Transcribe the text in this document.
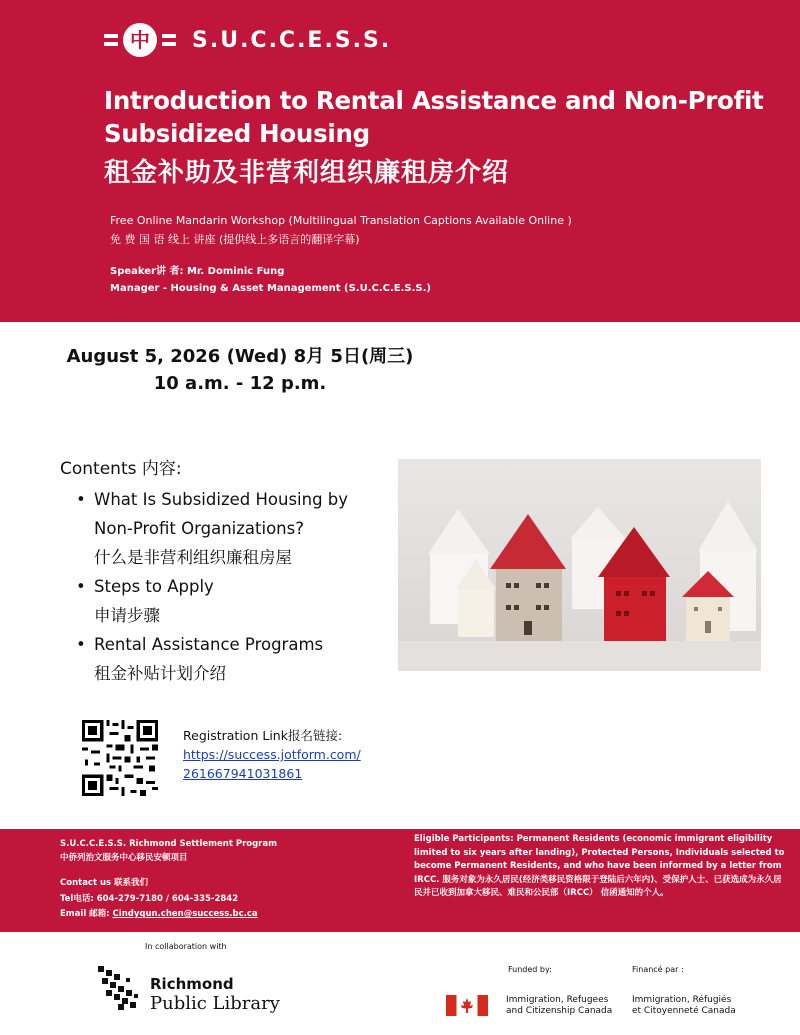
中 S.U.C.C.E.S.S.
Introduction to Rental Assistance and Non-Profit Subsidized Housing
租金补助及非营利组织廉租房介绍
Free Online Mandarin Workshop (Multilingual Translation Captions Available Online )
免 费 国 语 线上 讲座 (提供线上多语言的翻译字幕)
Speaker讲 者: Mr. Dominic Fung
Manager - Housing & Asset Management (S.U.C.C.E.S.S.)
August 5, 2026 (Wed) 8月 5日(周三)
10 a.m. - 12 p.m.
Contents 内容:
• What Is Subsidized Housing by
Non-Profit Organizations?
什么是非营利组织廉租房屋
• Steps to Apply
申请步骤
• Rental Assistance Programs
租金补贴计划介绍
Registration Link报名链接:
https://success.jotform.com/
261667941031861
S.U.C.C.E.S.S. Richmond Settlement Program
中侨列治文服务中心移民安顿项目
Contact us 联系我们
Tel电话: 604-279-7180 / 604-335-2842
Email 邮箱: Cindyqun.chen@success.bc.ca
Eligible Participants: Permanent Residents (economic immigrant eligibility limited to six years after landing), Protected Persons, Individuals selected to become Permanent Residents, and who have been informed by a letter from IRCC. 服务对象为永久居民(经济类移民资格限于登陆后六年内)、受保护人士、已获选成为永久居民并已收到加拿大移民、难民和公民部（IRCC） 信函通知的个人。
In collaboration with
Richmond
Public Library
Funded by:	Financé par :
Immigration, Refugees
and Citizenship Canada
Immigration, Réfugiés
et Citoyenneté Canada
